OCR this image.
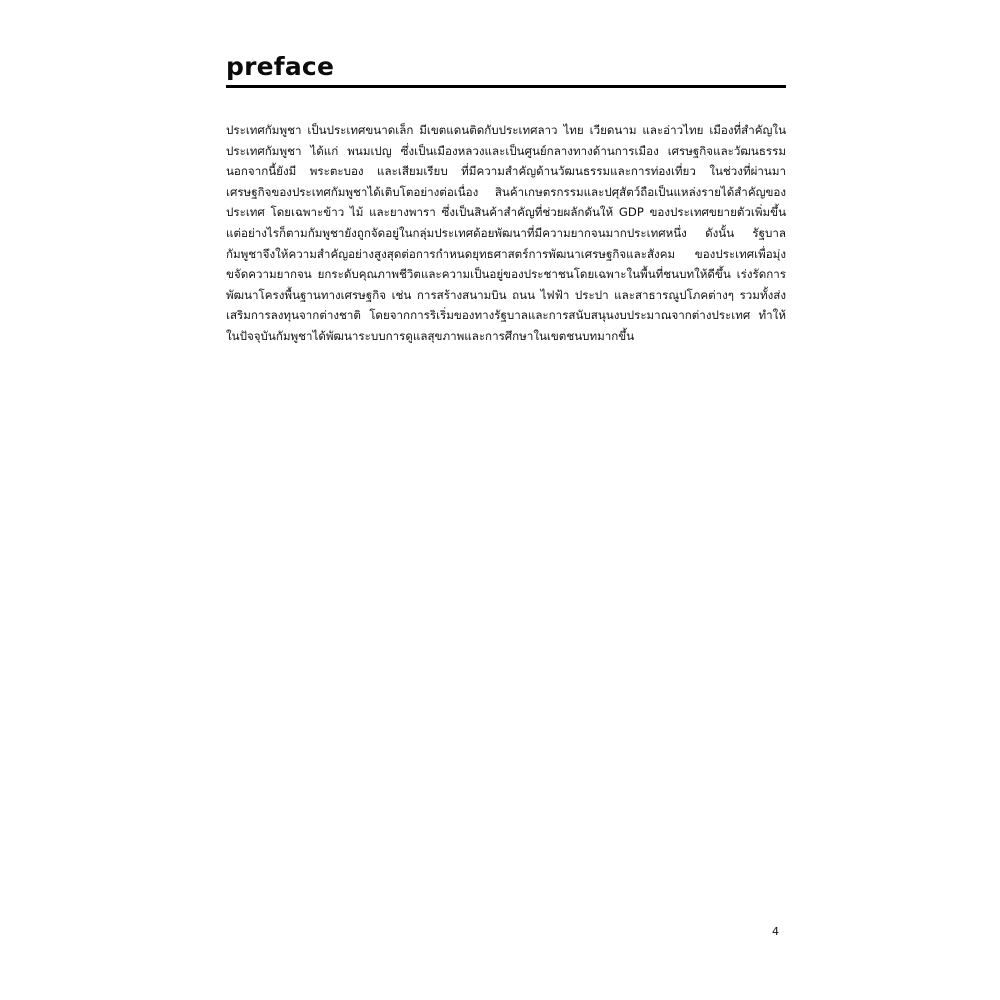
preface

ประเทศกัมพูชา เป็นประเทศขนาดเล็ก มีเขตแดนติดกับประเทศลาว ไทย เวียดนาม และอ่าวไทย เมืองที่สำคัญในประเทศกัมพูชา ได้แก่ พนมเปญ ซึ่งเป็นเมืองหลวงและเป็นศูนย์กลางทางด้านการเมือง เศรษฐกิจและวัฒนธรรม นอกจากนี้ยังมี พระตะบอง และเสียมเรียบ ที่มีความสำคัญด้านวัฒนธรรมและการท่องเที่ยว ในช่วงที่ผ่านมาเศรษฐกิจของประเทศกัมพูชาได้เติบโตอย่างต่อเนื่อง สินค้าเกษตรกรรมและปศุสัตว์ถือเป็นแหล่งรายได้สำคัญของประเทศ โดยเฉพาะข้าว ไม้ และยางพารา ซึ่งเป็นสินค้าสำคัญที่ช่วยผลักดันให้ GDP ของประเทศขยายตัวเพิ่มขึ้น แต่อย่างไรก็ตามกัมพูชายังถูกจัดอยู่ในกลุ่มประเทศด้อยพัฒนาที่มีความยากจนมากประเทศหนึ่ง ดังนั้น รัฐบาลกัมพูชาจึงให้ความสำคัญอย่างสูงสุดต่อการกำหนดยุทธศาสตร์การพัฒนาเศรษฐกิจและสังคม ของประเทศเพื่อมุ่งขจัดความยากจน ยกระดับคุณภาพชีวิตและความเป็นอยู่ของประชาชนโดยเฉพาะในพื้นที่ชนบทให้ดีขึ้น เร่งรัดการพัฒนาโครงพื้นฐานทางเศรษฐกิจ เช่น การสร้างสนามบิน ถนน ไฟฟ้า ประปา และสาธารณูปโภคต่างๆ รวมทั้งส่งเสริมการลงทุนจากต่างชาติ โดยจากการริเริ่มของทางรัฐบาลและการสนับสนุนงบประมาณจากต่างประเทศ ทำให้ในปัจจุบันกัมพูชาได้พัฒนาระบบการดูแลสุขภาพและการศึกษาในเขตชนบทมากขึ้น

4
